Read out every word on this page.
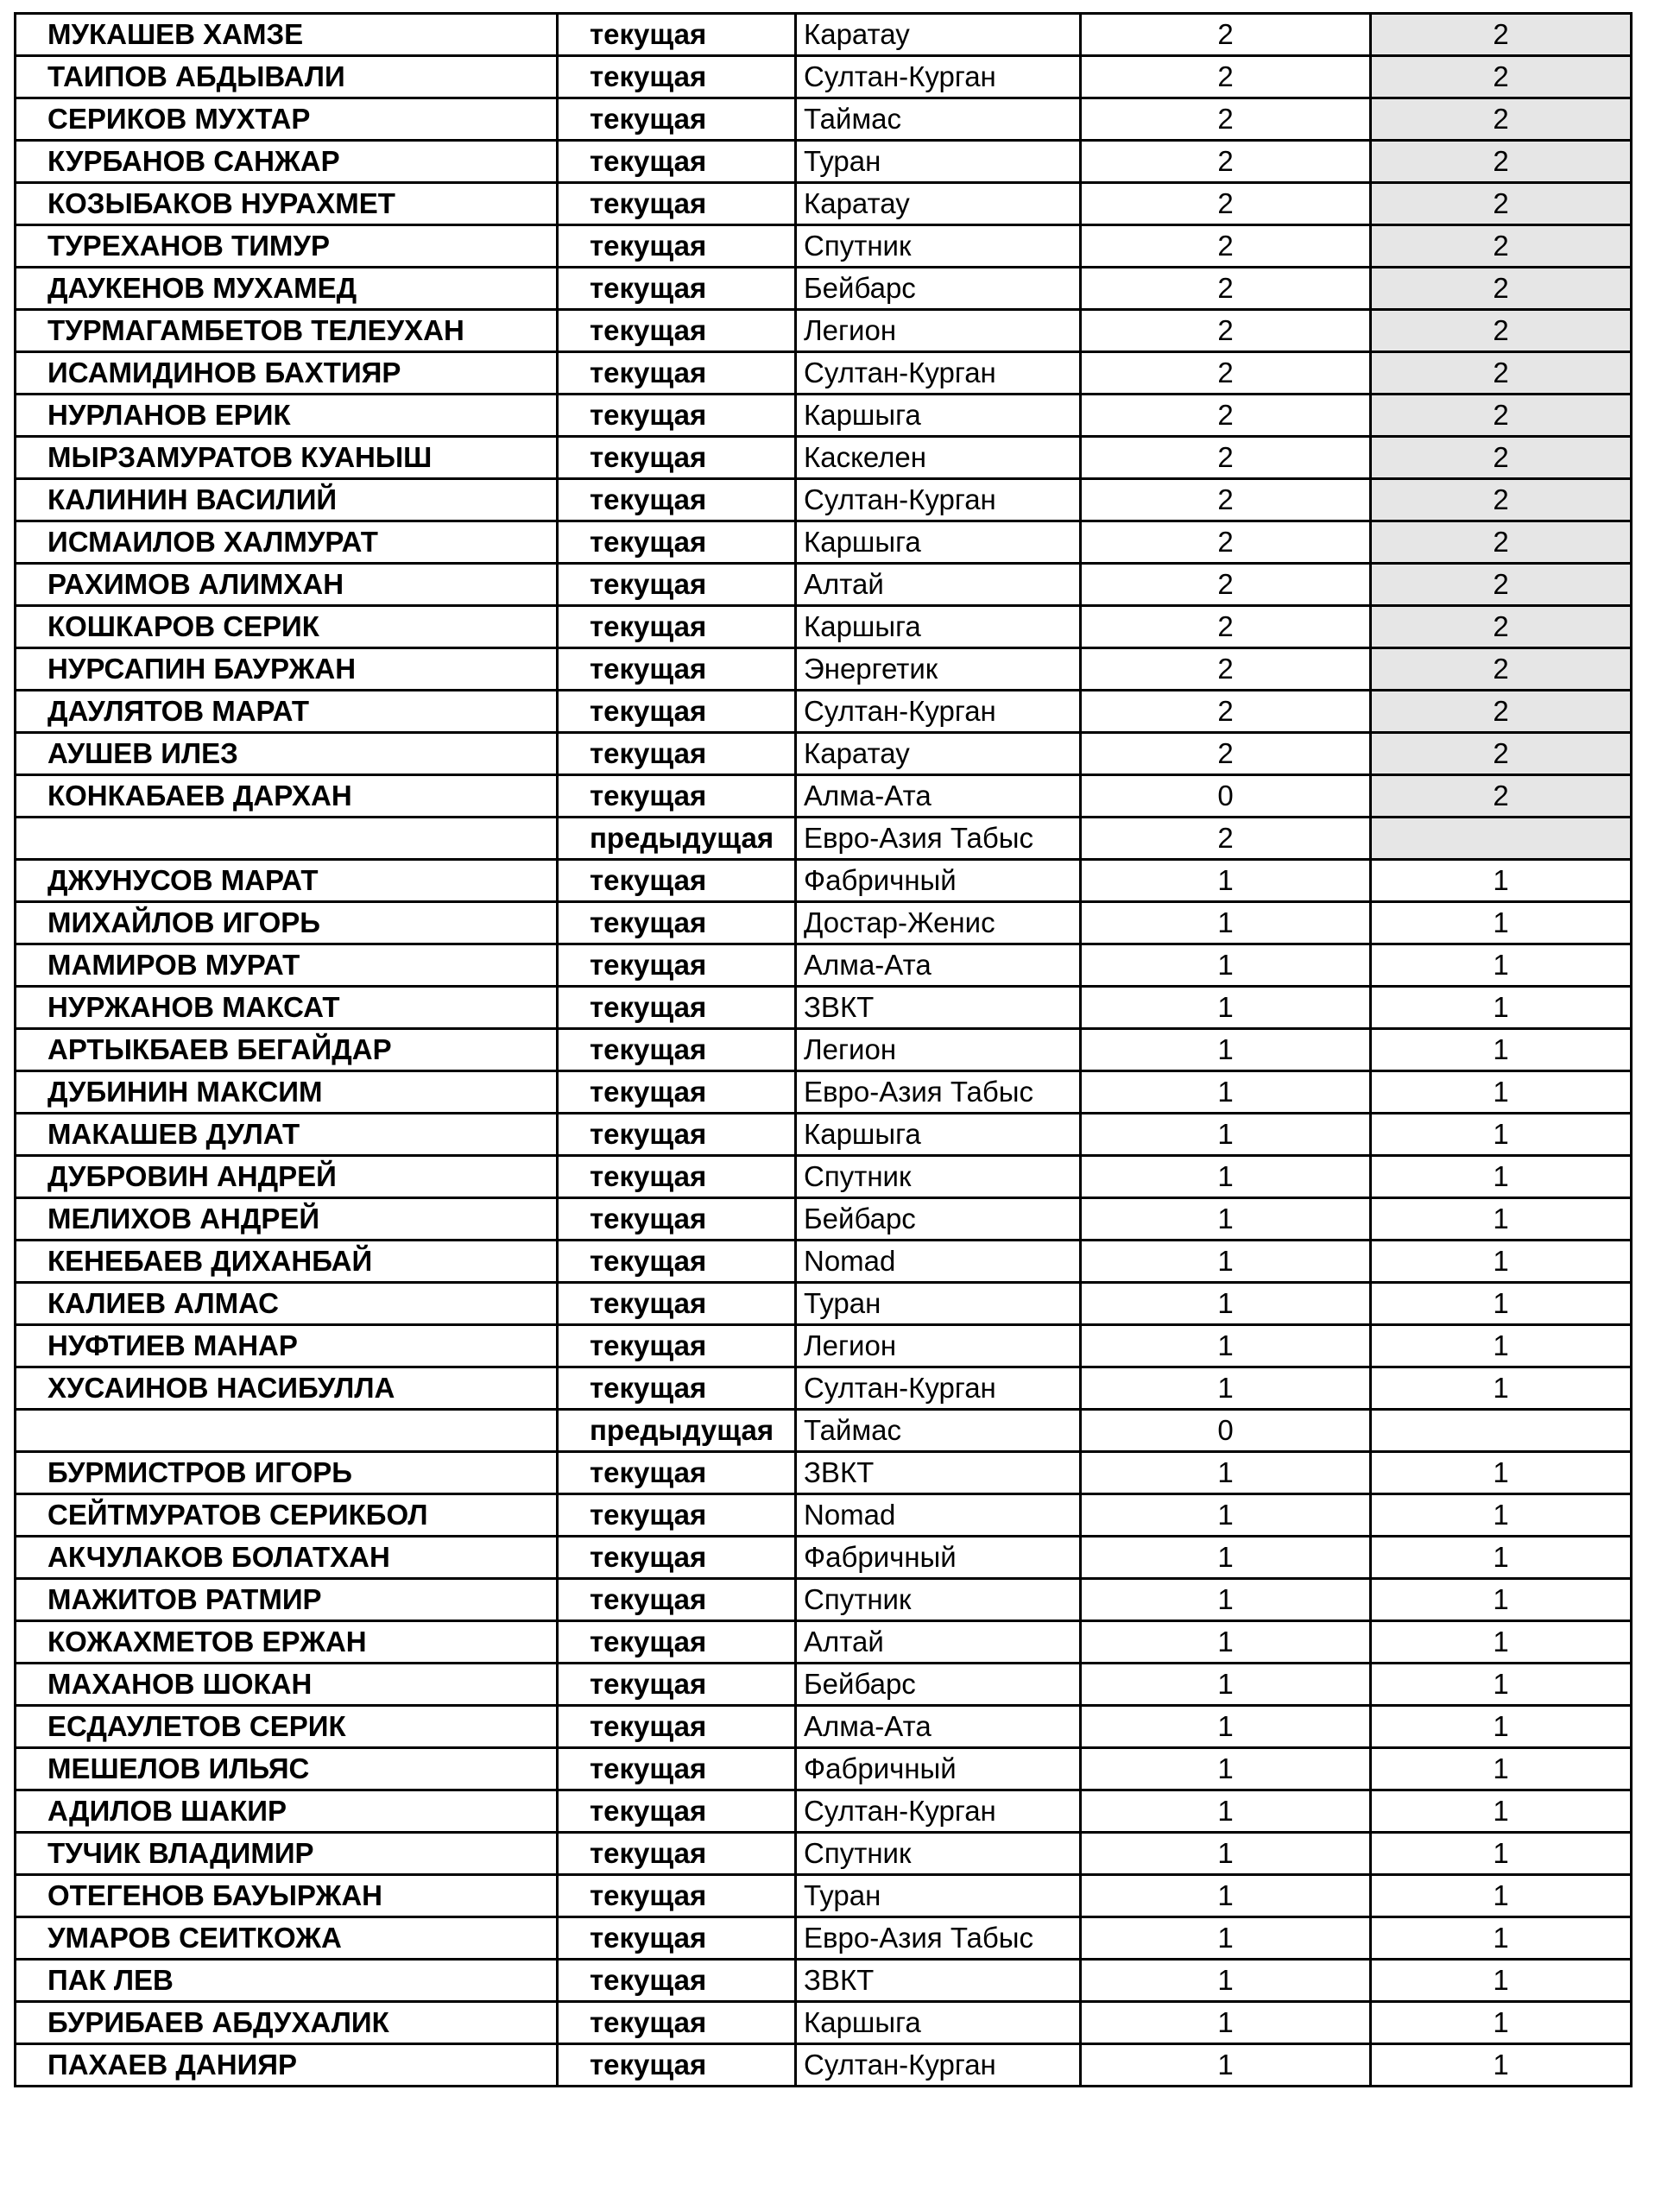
МУКАШЕВ ХАМЗЕ	текущая	Каратау	2	2
ТАИПОВ АБДЫВАЛИ	текущая	Султан-Курган	2	2
СЕРИКОВ МУХТАР	текущая	Таймас	2	2
КУРБАНОВ САНЖАР	текущая	Туран	2	2
КОЗЫБАКОВ НУРАХМЕТ	текущая	Каратау	2	2
ТУРЕХАНОВ ТИМУР	текущая	Спутник	2	2
ДАУКЕНОВ МУХАМЕД	текущая	Бейбарс	2	2
ТУРМАГАМБЕТОВ ТЕЛЕУХАН	текущая	Легион	2	2
ИСАМИДИНОВ БАХТИЯР	текущая	Султан-Курган	2	2
НУРЛАНОВ ЕРИК	текущая	Каршыга	2	2
МЫРЗАМУРАТОВ КУАНЫШ	текущая	Каскелен	2	2
КАЛИНИН ВАСИЛИЙ	текущая	Султан-Курган	2	2
ИСМАИЛОВ ХАЛМУРАТ	текущая	Каршыга	2	2
РАХИМОВ АЛИМХАН	текущая	Алтай	2	2
КОШКАРОВ СЕРИК	текущая	Каршыга	2	2
НУРСАПИН БАУРЖАН	текущая	Энергетик	2	2
ДАУЛЯТОВ МАРАТ	текущая	Султан-Курган	2	2
АУШЕВ ИЛЕЗ	текущая	Каратау	2	2
КОНКАБАЕВ ДАРХАН	текущая	Алма-Ата	0	2
	предыдущая	Евро-Азия Табыс	2	
ДЖУНУСОВ МАРАТ	текущая	Фабричный	1	1
МИХАЙЛОВ ИГОРЬ	текущая	Достар-Женис	1	1
МАМИРОВ МУРАТ	текущая	Алма-Ата	1	1
НУРЖАНОВ МАКСАТ	текущая	ЗВКТ	1	1
АРТЫКБАЕВ БЕГАЙДАР	текущая	Легион	1	1
ДУБИНИН МАКСИМ	текущая	Евро-Азия Табыс	1	1
МАКАШЕВ ДУЛАТ	текущая	Каршыга	1	1
ДУБРОВИН АНДРЕЙ	текущая	Спутник	1	1
МЕЛИХОВ АНДРЕЙ	текущая	Бейбарс	1	1
КЕНЕБАЕВ ДИХАНБАЙ	текущая	Nomad	1	1
КАЛИЕВ АЛМАС	текущая	Туран	1	1
НУФТИЕВ МАНАР	текущая	Легион	1	1
ХУСАИНОВ НАСИБУЛЛА	текущая	Султан-Курган	1	1
	предыдущая	Таймас	0	
БУРМИСТРОВ ИГОРЬ	текущая	ЗВКТ	1	1
СЕЙТМУРАТОВ СЕРИКБОЛ	текущая	Nomad	1	1
АКЧУЛАКОВ БОЛАТХАН	текущая	Фабричный	1	1
МАЖИТОВ РАТМИР	текущая	Спутник	1	1
КОЖАХМЕТОВ ЕРЖАН	текущая	Алтай	1	1
МАХАНОВ ШОКАН	текущая	Бейбарс	1	1
ЕСДАУЛЕТОВ СЕРИК	текущая	Алма-Ата	1	1
МЕШЕЛОВ ИЛЬЯС	текущая	Фабричный	1	1
АДИЛОВ ШАКИР	текущая	Султан-Курган	1	1
ТУЧИК ВЛАДИМИР	текущая	Спутник	1	1
ОТЕГЕНОВ БАУЫРЖАН	текущая	Туран	1	1
УМАРОВ СЕИТКОЖА	текущая	Евро-Азия Табыс	1	1
ПАК ЛЕВ	текущая	ЗВКТ	1	1
БУРИБАЕВ АБДУХАЛИК	текущая	Каршыга	1	1
ПАХАЕВ ДАНИЯР	текущая	Султан-Курган	1	1
